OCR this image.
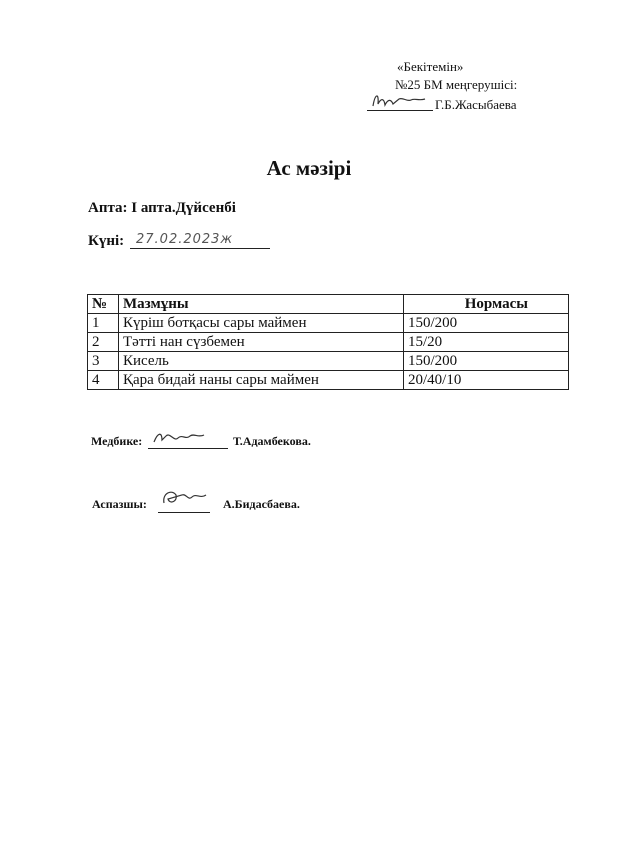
«Бекітемін»
№25 БМ меңгерушісі:
Г.Б.Жасыбаева
Ас мәзірі
Апта: I апта.Дүйсенбі
Күні: 27.02.2023ж
№	Мазмұны	Нормасы
1	Күріш ботқасы сары маймен	150/200
2	Тәтті нан сүзбемен	15/20
3	Кисель	150/200
4	Қара бидай наны сары маймен	20/40/10
Медбике:	Т.Адамбекова.
Аспазшы:	А.Бидасбаева.
